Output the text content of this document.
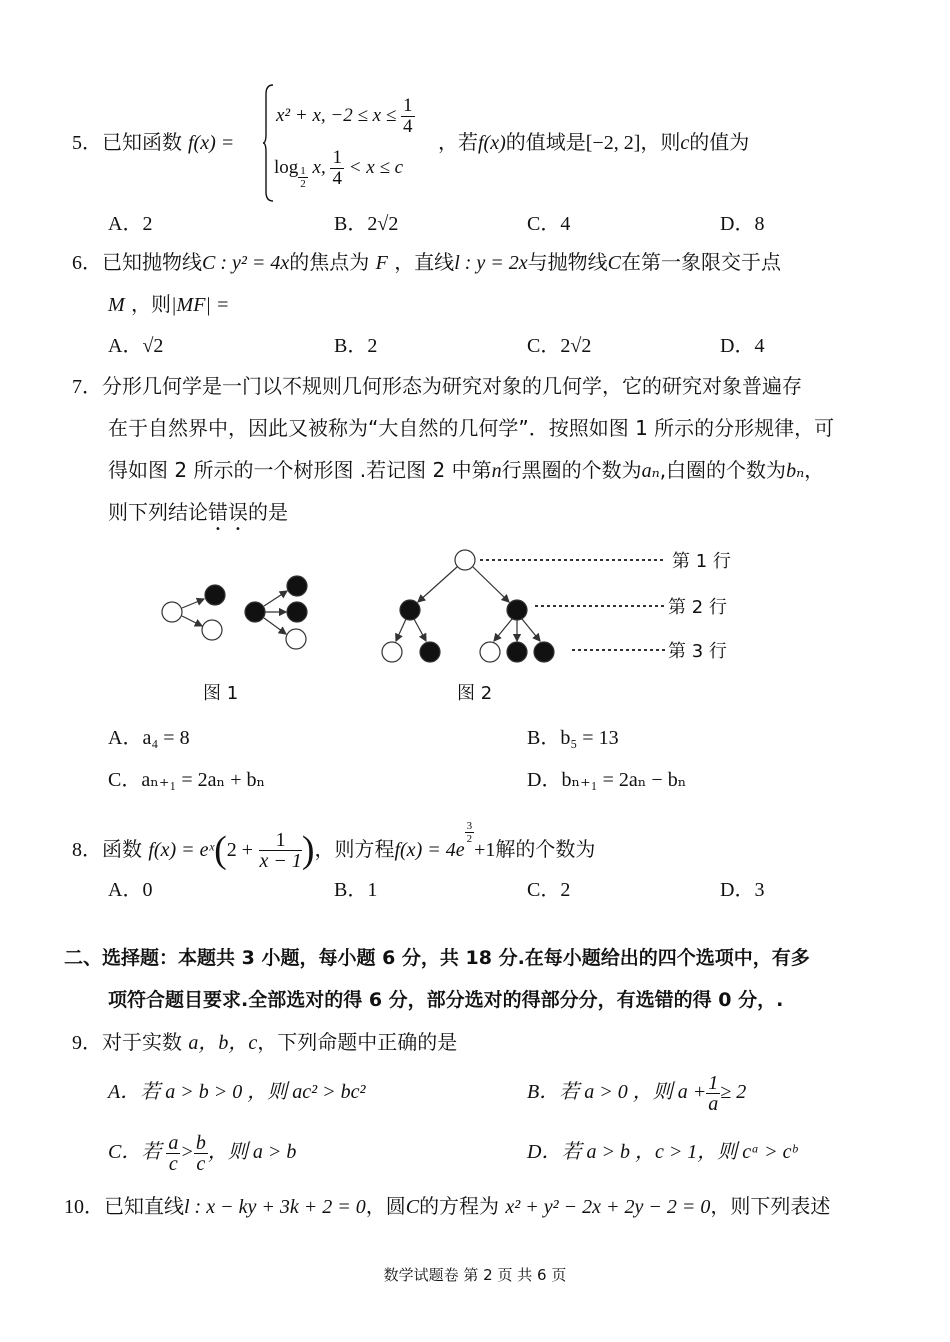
5．已知函数 f(x) =
x² + x, $-2 \le x \le \frac{1}{4}$
$\log \frac{1}{2} x$, $\frac{1}{4} < x \le c$
，若f(x)的值域是[−2, 2]，则c的值为
A．2	B．2√2	C．4	D．8
6．已知抛物线C : y² = 4x的焦点为 F ，直线l : y = 2x与抛物线C在第一象限交于点
M ，则|MF| =
A．√2	B．2	C．2√2	D．4
7．分形几何学是一门以不规则几何形态为研究对象的几何学，它的研究对象普遍存
在于自然界中，因此又被称为“大自然的几何学”．按照如图 1 所示的分形规律，可
得如图 2 所示的一个树形图 .若记图 2 中第n行黑圈的个数为aₙ,白圈的个数为bₙ，
则下列结论错误的是
第 1 行
第 2 行
第 3 行
图 1	图 2
A．a₄ = 8	B．b₅ = 13
C．aₙ₊₁ = 2aₙ + bₙ	D．bₙ₊₁ = 2aₙ − bₙ
8．函数 f(x) = eˣ(2 + $\frac{1}{x - 1}$ )，则方程f(x) = 4e
$\frac{3}{2}$
+1解的个数为
A．0	B．1	C．2	D．3
二、选择题：本题共 3 小题，每小题 6 分，共 18 分.在每小题给出的四个选项中，有多
项符合题目要求.全部选对的得 6 分，部分选对的得部分分，有选错的得 0 分，.
9．对于实数 a，b，c，下列命题中正确的是
A．若 a > b > 0 ，则 ac² > bc²	B．若 a > 0 ，则 $a + \frac{1}{a} \ge 2$
C．若 $\frac{a}{c} > \frac{b}{c}$ ，则 a > b	D．若 a > b ，c > 1，则 cᵃ > cᵇ
10．已知直线l : x − ky + 3k + 2 = 0，圆C的方程为 x² + y² − 2x + 2y − 2 = 0，则下列表述
数学试题卷 第 2 页 共 6 页
